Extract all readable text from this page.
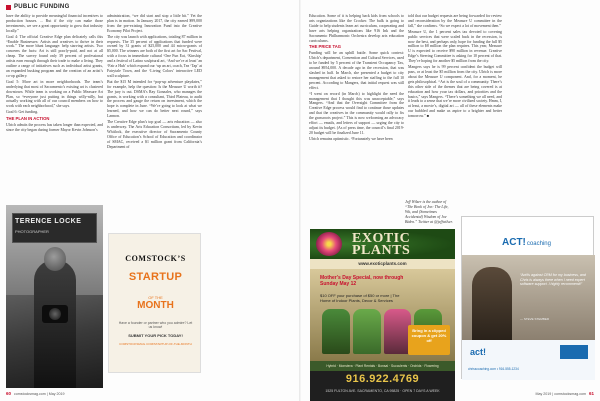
PUBLIC FUNDING

have the ability to provide meaningful financial incentives to production houses. ... But if the city can make those investments, we see a great opportunity to grow that industry locally.”

Goal 4: The official Creative Edge plan delicately calls this “Enable Businesses: Artists and creatives to thrive in their work.” The more blunt language: help starving artists. Two concerns the facts: Art is still poorly-paid, and not at all cheap. The survey found only 39 percent of professional artists earn enough through their trade to make a living. They outline a range of initiatives such as individual artist grants, an expanded busking program and the creation of an artist’s co-op gallery.

Goal 5: More art in more neighborhoods. The team’s underlying that most of Sacramento’s existing art is clustered downtown. While team is working on a Public Measure Art Plan, so “everyone just putting in things willy-nilly, but actually working with all of our council members on how to work with each neighborhood,” she says.

Goal 6: Get funding.

THE PLAN IN ACTION

Ulrich admits the process has taken longer than expected, and since the city began during former Mayor Kevin Johnson’s

TERENCE LOCKE
PHOTOGRAPHER

administration, “we did start and stop a little bit.” Yet the plan is in motion. In January 2017, the city earned $99,000 from the pre-existing Innovation Fund into the Creative Economy Pilot Project.

The city was launch with applications, totaling 87 million in requests. The 35 percent of applications that funded were owned by 31 grants of $25,000 and 44 micro-grants of $5,000. The winners are both of the first art for Sac Festival, with a focus in immediate cultural ‘One Fun Eat, ‘Kinship’ and a festival of Latino sculptural art, ‘And we’re at least’ an ‘Fair a Hub’ which expand our ‘up an art, coach, Tea ‘Tap’ at Fairytale Town, and the ‘Living Colors’ interactive LED wall sculpture.

But the $15 M intended for “pop-up adventure playdates,” for example, help the question: Is the Measure U worth it? The jury is out. DSMA’s Ray Gonzales, who manages the grants, is working with a consultant, Third Plateau, to audit the process and gauge the return on investment, which the hope is complete in June. “We’re going to look at what we learned, and how we can do better next round,” says Lannon.

The Creative Edge plan’s top goal — arts education — also is underway. The Arts Education Consortium, led by Kevin Whitlock, the executive director of Sacramento County Office of Education’s School of Education and coordinator of SMAC, received a $1 million grant from California’s Department of

COMSTOCK’S
STARTUP
OF THE
MONTH
Have a founder or partner who you admire? Let us know!
SUBMIT YOUR PICK TODAY!
COMSTOCKSMAG.COM/STARTUP-OF-THE-MONTH

Education. Some of it is helping back kids from schools to arts organizations like the Crocker. The bulk is going to Guide to help students learn art curriculum, cooperating and have arts helping organizations like 916 Ink and the Sacramento Philharmonic Orchestra develop arts education curriculums.

THE PRICE TAG

Funding will be an uphill battle. Some quick context: Ulrich’s department, Convention and Cultural Services, used to be funded by 5 percent of the Transient Occupancy Tax, around $954,000. A decade ago in the recession, that was slashed in half. In March, she presented a budget to city management that asked to restore her staffing to the full 10 percent. According to Mangers, that initial request was still effect.

“I went on record (in March) to highlight the need the management that I thought this was unacceptable,” says Mangers. “And that the Oversight Committee from the Creative Edge process would find to continue those updates and that the creatives in the community would rally to fix the grassroots project.” This is now welcoming an advocacy effort — emails, and letters of support — urging the city to adjust its budget. (As of press time, the council’s final 2019-20 budget will be finalized June 11.

Ulrich remains optimistic. “Fortunately we have been

told that our budget requests are being forwarded for review and reconsideration by the Measure U committee in the fall,” she confirms. “So we expect a lot of movement then.”

Measure U, the 1 percent sales tax devoted to covering public services that were scaled back in the recession, is now the best, and perhaps only, hope for funding the full $5 million to $8 million the plan requires. This year, Measure U is expected to receive $90 million in revenue. Creative Edge’s Steering Committee is asking for 10 percent of that. They’re hoping for another $5 million from the city.

Mangers says he is 99 percent confident the budget will pass, or at least the $5 million from the city. Ulrich is more about the Measure U component. And, for a moment, he gets philosophical. “Art is the soul of a community. There’s this other side of the themes that are being covered is at education and how your tax dollars, and priorities and the basics,” says Mangers. “There’s something we all need, and it leads to a sense that we’re more civilized society. Hmm, I, at least, a movie’s, digital art — all of these elements make our bubbled and make us aspire to a brighter and better tomorrow.” ■

Jeff Wilser is the author of “The Book of Joe: The Life, Wit, and (Sometimes Accidental) Wisdom of Joe Biden.” Twitter at @jeffwilser.
EXOTIC PLANTS
www.exoticplants.com
Mother’s Day Special, now through Sunday May 12
$10 OFF your purchase of $50 or more | The Home of Indoor Plants, Decor & Services
Bring in a clipped coupon & get 20% off
Hybrid · Monstera · Plant Rentals · Bonsai · Succulents · Orchids · Flowering
916.922.4769
1525 FULTON AVE. SACRAMENTO, CA 95825 · OPEN 7 DAYS A WEEK
ACT! coaching
“Act!is against CRM for my business, and Chris is always there when I need expert software support. I highly recommend!”
— STEVE STEMBER
act!
chrisscoaching.com • 916-555-1234
60 comstocksmag.com | May 2019	May 2019 | comstocksmag.com 61
